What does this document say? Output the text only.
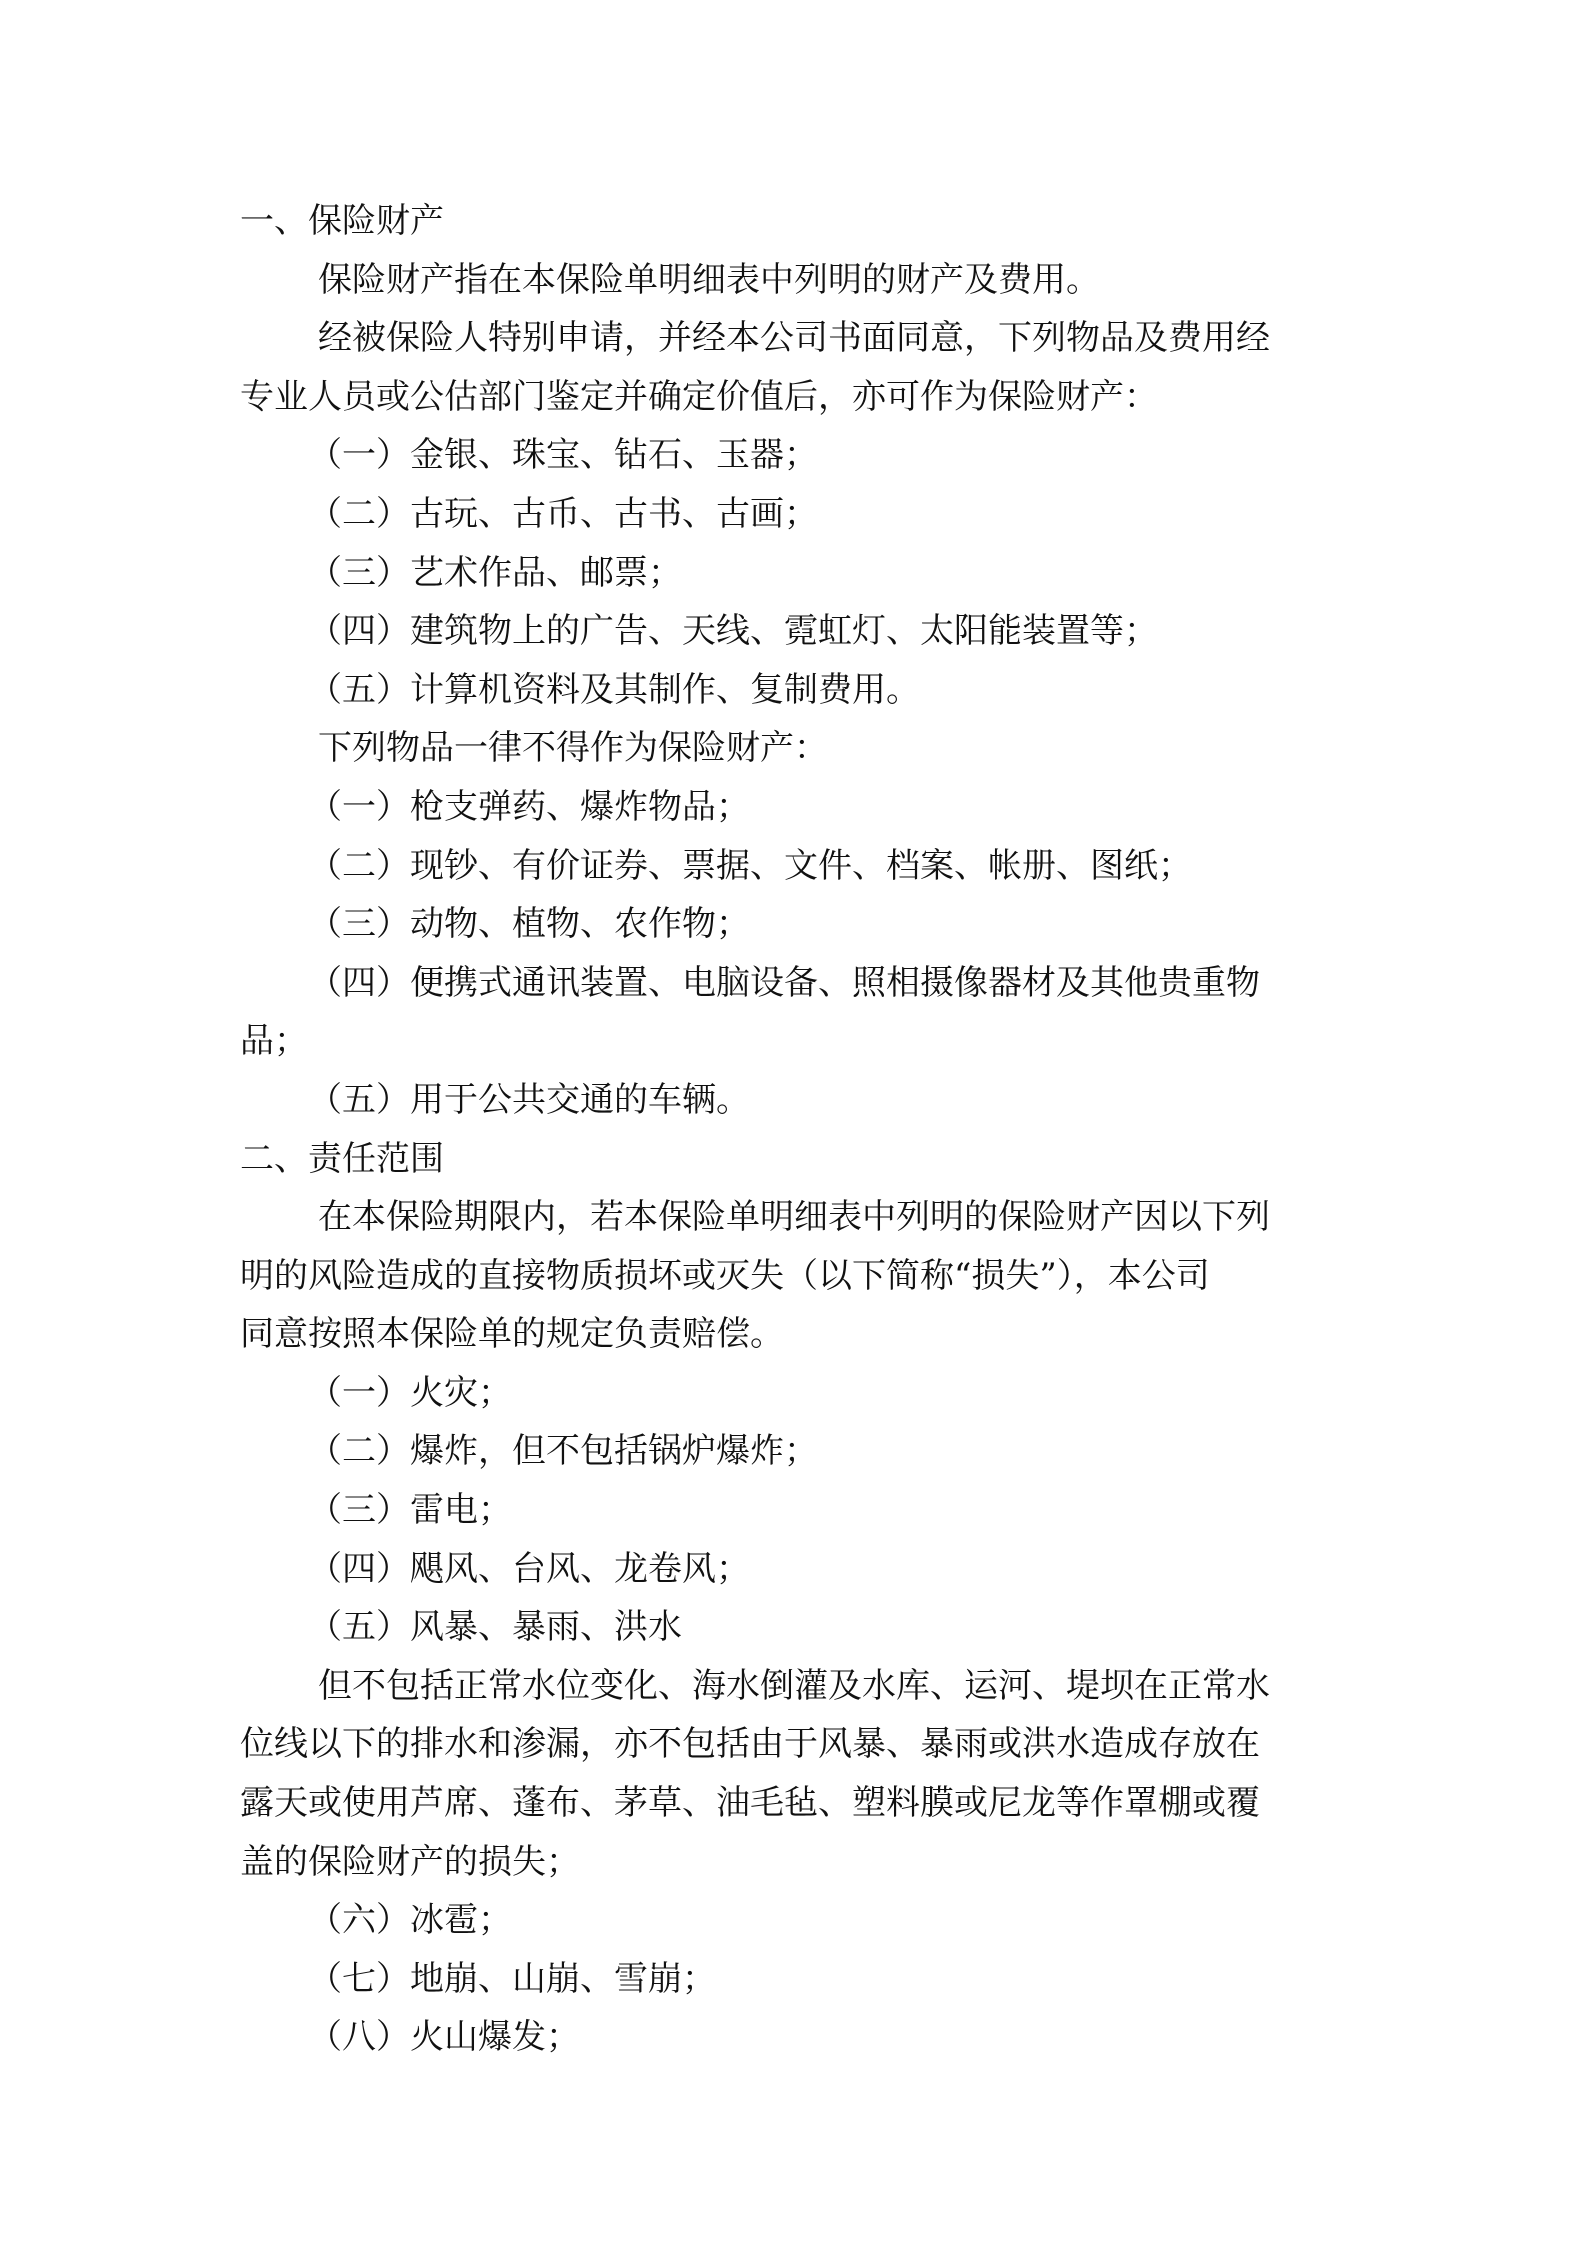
一、保险财产

保险财产指在本保险单明细表中列明的财产及费用。

经被保险人特别申请，并经本公司书面同意，下列物品及费用经

专业人员或公估部门鉴定并确定价值后，亦可作为保险财产：

（一）金银、珠宝、钻石、玉器；

（二）古玩、古币、古书、古画；

（三）艺术作品、邮票；

（四）建筑物上的广告、天线、霓虹灯、太阳能装置等；

（五）计算机资料及其制作、复制费用。

下列物品一律不得作为保险财产：

（一）枪支弹药、爆炸物品；

（二）现钞、有价证券、票据、文件、档案、帐册、图纸；

（三）动物、植物、农作物；

（四）便携式通讯装置、电脑设备、照相摄像器材及其他贵重物

品；

（五）用于公共交通的车辆。

二、责任范围

在本保险期限内，若本保险单明细表中列明的保险财产因以下列

明的风险造成的直接物质损坏或灭失（以下简称“损失”），本公司

同意按照本保险单的规定负责赔偿。

（一）火灾；

（二）爆炸，但不包括锅炉爆炸；

（三）雷电；

（四）飓风、台风、龙卷风；

（五）风暴、暴雨、洪水

但不包括正常水位变化、海水倒灌及水库、运河、堤坝在正常水

位线以下的排水和渗漏，亦不包括由于风暴、暴雨或洪水造成存放在

露天或使用芦席、蓬布、茅草、油毛毡、塑料膜或尼龙等作罩棚或覆

盖的保险财产的损失；

（六）冰雹；

（七）地崩、山崩、雪崩；

（八）火山爆发；
